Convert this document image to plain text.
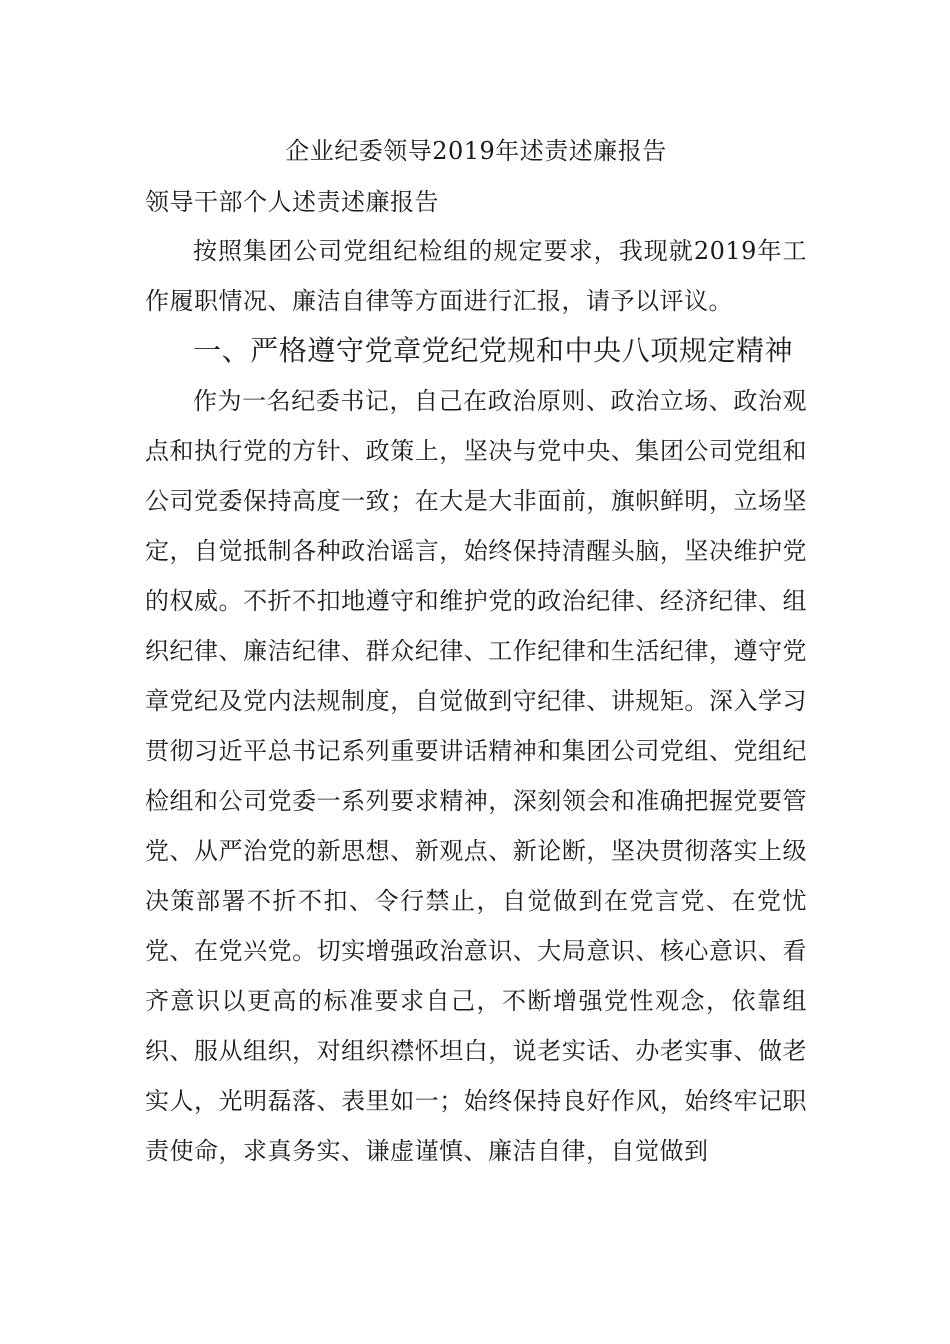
企业纪委领导2019年述责述廉报告
领导干部个人述责述廉报告

按照集团公司党组纪检组的规定要求，我现就2019年工作履职情况、廉洁自律等方面进行汇报，请予以评议。

一、严格遵守党章党纪党规和中央八项规定精神

作为一名纪委书记，自己在政治原则、政治立场、政治观点和执行党的方针、政策上，坚决与党中央、集团公司党组和公司党委保持高度一致；在大是大非面前，旗帜鲜明，立场坚定，自觉抵制各种政治谣言，始终保持清醒头脑，坚决维护党的权威。不折不扣地遵守和维护党的政治纪律、经济纪律、组织纪律、廉洁纪律、群众纪律、工作纪律和生活纪律，遵守党章党纪及党内法规制度，自觉做到守纪律、讲规矩。深入学习贯彻习近平总书记系列重要讲话精神和集团公司党组、党组纪检组和公司党委一系列要求精神，深刻领会和准确把握党要管党、从严治党的新思想、新观点、新论断，坚决贯彻落实上级决策部署不折不扣、令行禁止，自觉做到在党言党、在党忧党、在党兴党。切实增强政治意识、大局意识、核心意识、看齐意识以更高的标准要求自己，不断增强党性观念，依靠组织、服从组织，对组织襟怀坦白，说老实话、办老实事、做老实人，光明磊落、表里如一；始终保持良好作风，始终牢记职责使命，求真务实、谦虚谨慎、廉洁自律，自觉做到
